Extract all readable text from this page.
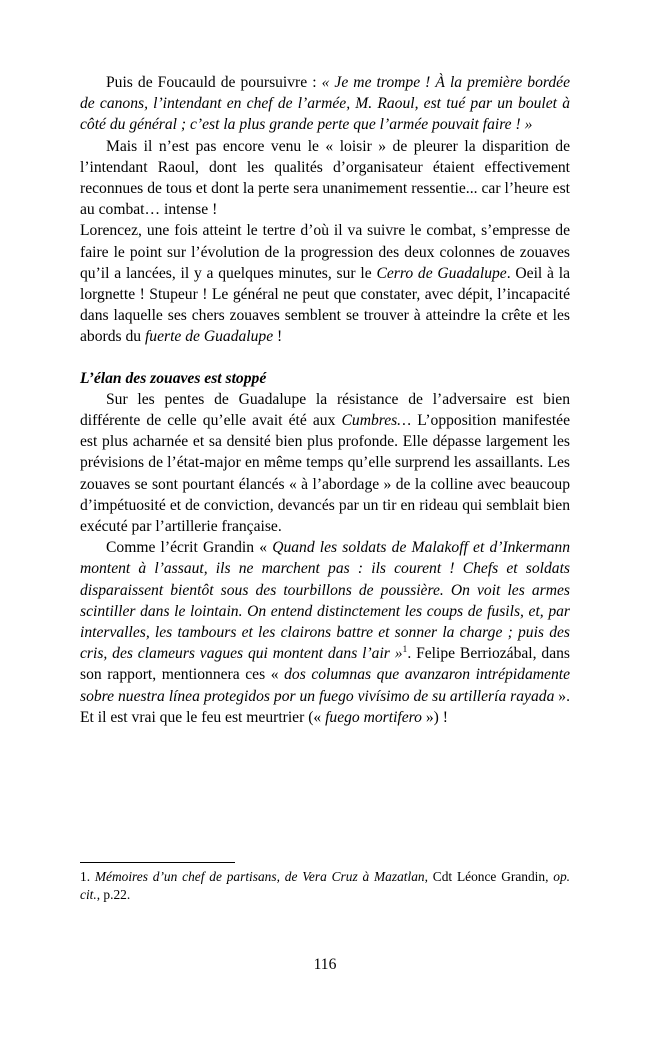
Puis de Foucauld de poursuivre : « Je me trompe ! À la première bordée de canons, l’intendant en chef de l’armée, M. Raoul, est tué par un boulet à côté du général ; c’est la plus grande perte que l’armée pouvait faire ! »

Mais il n’est pas encore venu le « loisir » de pleurer la disparition de l’intendant Raoul, dont les qualités d’organisateur étaient effectivement reconnues de tous et dont la perte sera unanimement ressentie... car l’heure est au combat… intense !
Lorencez, une fois atteint le tertre d’où il va suivre le combat, s’empresse de faire le point sur l’évolution de la progression des deux colonnes de zouaves qu’il a lancées, il y a quelques minutes, sur le Cerro de Guadalupe. Oeil à la lorgnette ! Stupeur ! Le général ne peut que constater, avec dépit, l’incapacité dans laquelle ses chers zouaves semblent se trouver à atteindre la crête et les abords du fuerte de Guadalupe !

L’élan des zouaves est stoppé

Sur les pentes de Guadalupe la résistance de l’adversaire est bien différente de celle qu’elle avait été aux Cumbres… L’opposition manifestée est plus acharnée et sa densité bien plus profonde. Elle dépasse largement les prévisions de l’état-major en même temps qu’elle surprend les assaillants. Les zouaves se sont pourtant élancés « à l’abordage » de la colline avec beaucoup d’impétuosité et de conviction, devancés par un tir en rideau qui semblait bien exécuté par l’artillerie française.

Comme l’écrit Grandin « Quand les soldats de Malakoff et d’Inkermann montent à l’assaut, ils ne marchent pas : ils courent ! Chefs et soldats disparaissent bientôt sous des tourbillons de poussière. On voit les armes scintiller dans le lointain. On entend distinctement les coups de fusils, et, par intervalles, les tambours et les clairons battre et sonner la charge ; puis des cris, des clameurs vagues qui montent dans l’air »$^1$. Felipe Berriozábal, dans son rapport, mentionnera ces « dos columnas que avanzaron intrépidamente sobre nuestra línea protegidos por un fuego vivísimo de su artillería rayada ». Et il est vrai que le feu est meurtrier (« fuego mortifero ») !

1. Mémoires d’un chef de partisans, de Vera Cruz à Mazatlan, Cdt Léonce Grandin, op. cit., p.22.

116
